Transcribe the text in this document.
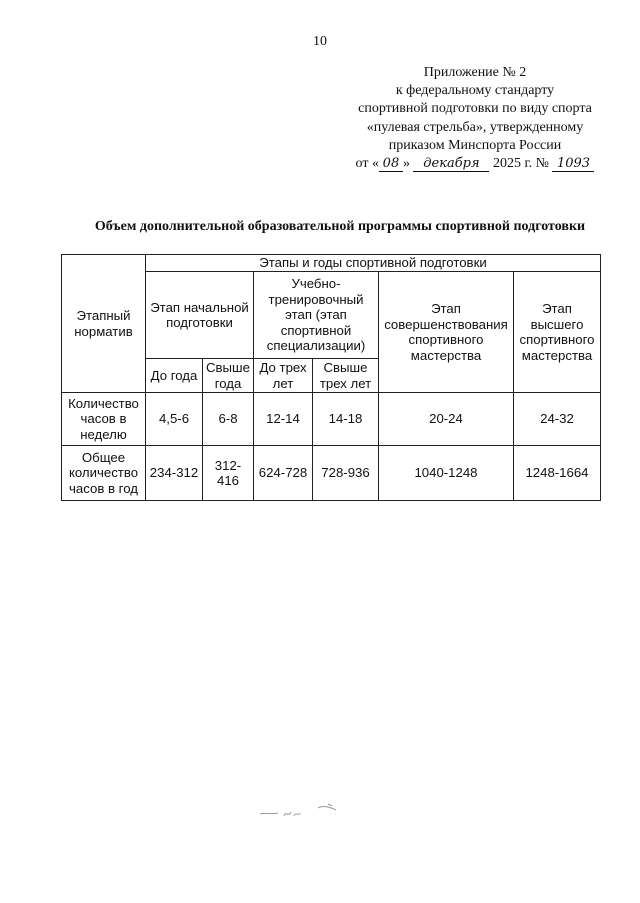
10
Приложение № 2
к федеральному стандарту
спортивной подготовки по виду спорта
«пулевая стрельба», утвержденному
приказом Минспорта России
от « 08 » декабря 2025 г. № 1093
Объем дополнительной образовательной программы спортивной подготовки
Этапный норматив	Этапы и годы спортивной подготовки					
	Этап начальной подготовки		Учебно-тренировочный этап (этап спортивной специализации)		Этап совершенствования спортивного мастерства	Этап высшего спортивного мастерства
	До года	Свыше года	До трех лет	Свыше трех лет		
Количество часов в неделю	4,5-6	6-8	12-14	14-18	20-24	24-32
Общее количество часов в год	234-312	312-416	624-728	728-936	1040-1248	1248-1664
